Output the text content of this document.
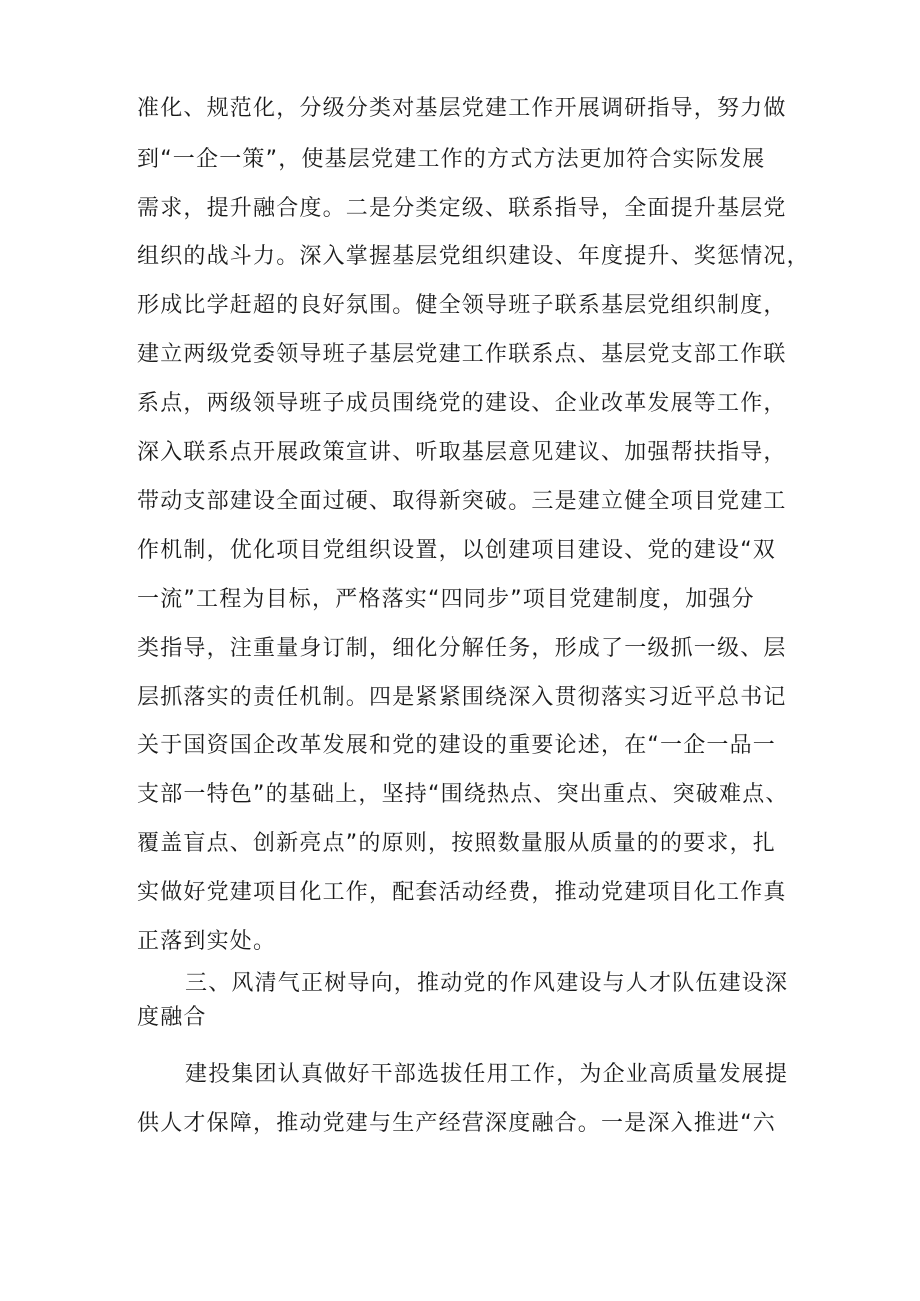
准化、规范化，分级分类对基层党建工作开展调研指导，努力做
到“一企一策”，使基层党建工作的方式方法更加符合实际发展
需求，提升融合度。二是分类定级、联系指导，全面提升基层党
组织的战斗力。深入掌握基层党组织建设、年度提升、奖惩情况，
形成比学赶超的良好氛围。健全领导班子联系基层党组织制度，
建立两级党委领导班子基层党建工作联系点、基层党支部工作联
系点，两级领导班子成员围绕党的建设、企业改革发展等工作，
深入联系点开展政策宣讲、听取基层意见建议、加强帮扶指导，
带动支部建设全面过硬、取得新突破。三是建立健全项目党建工
作机制，优化项目党组织设置，以创建项目建设、党的建设“双
一流”工程为目标，严格落实“四同步”项目党建制度，加强分
类指导，注重量身订制，细化分解任务，形成了一级抓一级、层
层抓落实的责任机制。四是紧紧围绕深入贯彻落实习近平总书记
关于国资国企改革发展和党的建设的重要论述，在“一企一品一
支部一特色”的基础上，坚持“围绕热点、突出重点、突破难点、
覆盖盲点、创新亮点”的原则，按照数量服从质量的的要求，扎
实做好党建项目化工作，配套活动经费，推动党建项目化工作真
正落到实处。
三、风清气正树导向，推动党的作风建设与人才队伍建设深
度融合
建投集团认真做好干部选拔任用工作，为企业高质量发展提
供人才保障，推动党建与生产经营深度融合。一是深入推进“六
